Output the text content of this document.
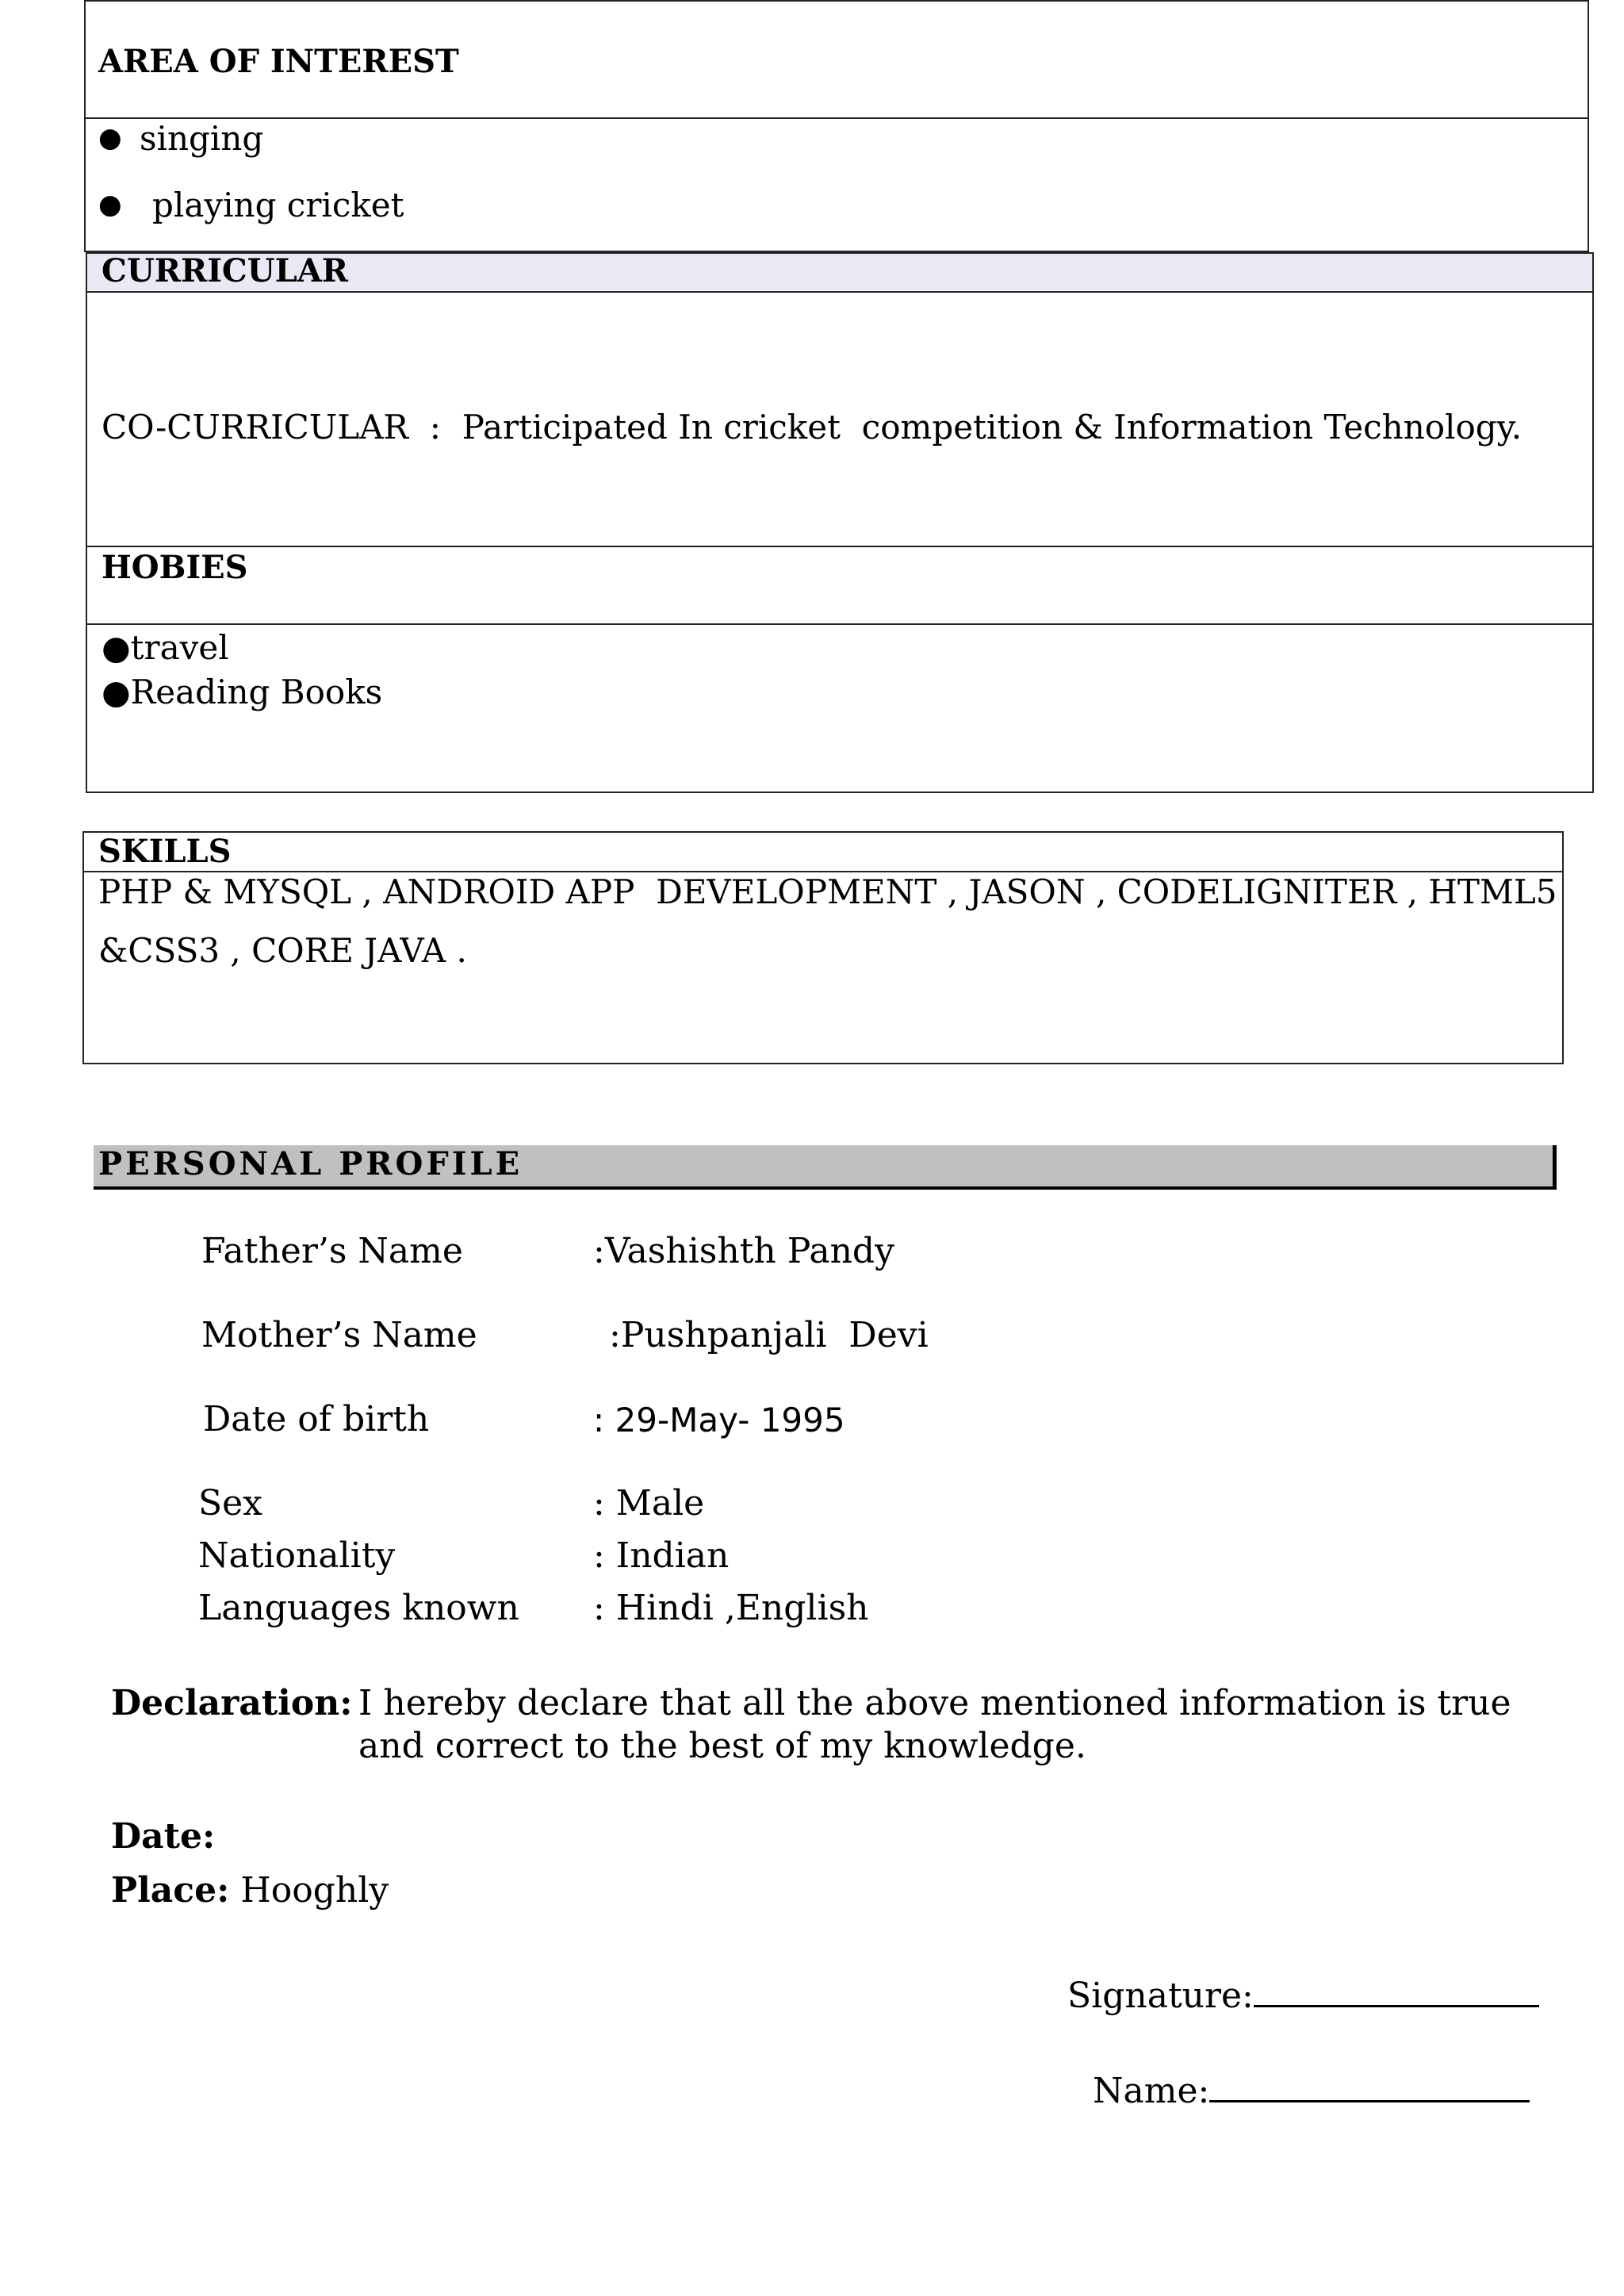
AREA OF INTEREST
● singing
● playing cricket
CURRICULAR
CO-CURRICULAR  :  Participated In cricket  competition & Information Technology.
HOBIES
●travel
●Reading Books
SKILLS
PHP & MYSQL , ANDROID APP  DEVELOPMENT , JASON , CODELIGNITER , HTML5
&CSS3 , CORE JAVA .
PERSONAL PROFILE
Father’s Name	:Vashishth Pandy
Mother’s Name	:Pushpanjali  Devi
Date of birth	: 29-May- 1995
Sex	: Male
Nationality	: Indian
Languages known : Hindi ,English
Declaration: I hereby declare that all the above mentioned information is true
and correct to the best of my knowledge.
Date:
Place: Hooghly
Signature:
Name:
